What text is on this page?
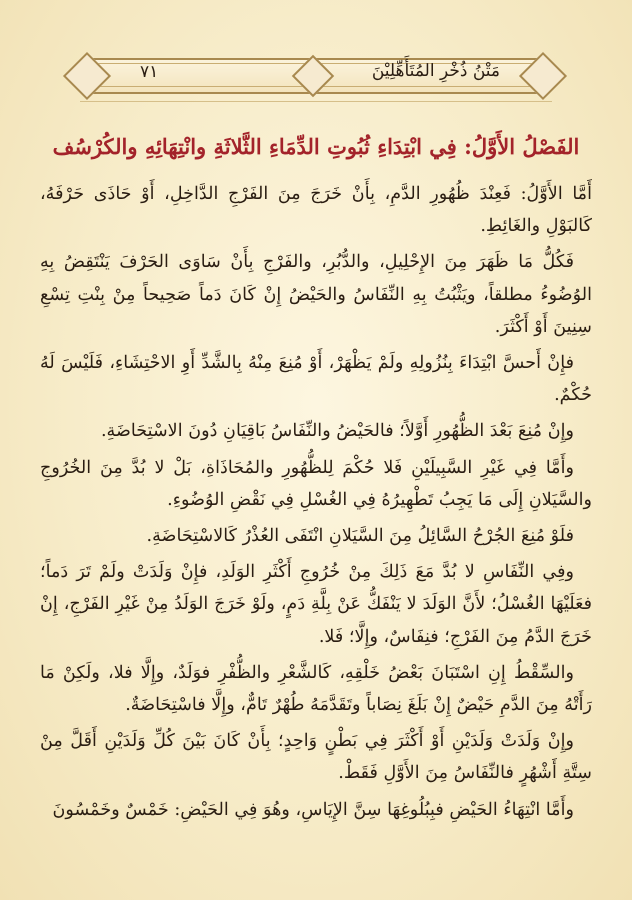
٧١	مَتْنُ ذُخْرِ المُتَأَهِّلِيْنَ
الفَصْلُ الأَوَّلُ: فِي ابْتِدَاءِ ثُبُوتِ الدِّمَاءِ الثَّلاثَةِ وانْتِهَائِهِ والكُرْسُف

أَمَّا الأَوَّلُ: فَعِنْدَ ظُهُورِ الدَّمِ، بِأَنْ خَرَجَ مِنَ الفَرْجِ الدَّاخِلِ، أَوْ حَاذَى حَرْفَهُ، كَالبَوْلِ والغَائِطِ.

فَكُلُّ مَا ظَهَرَ مِنَ الإِحْلِيلِ، والدُّبُرِ، والفَرْجِ بِأَنْ سَاوَى الحَرْفَ يَنْتَقِضُ بِهِ الوُضُوءُ مطلقاً، ويَثْبُتُ بِهِ النِّفَاسُ والحَيْضُ إِنْ كَانَ دَماً صَحِيحاً مِنْ بِنْتِ تِسْعِ سِنِينَ أَوْ أَكْثَرَ.

فإِنْ أَحسَّ ابْتِدَاءَ بِنُزُولِهِ ولَمْ يَظْهَرْ، أَوْ مُنِعَ مِنْهُ بِالشَّدِّ أَوِ الاحْتِشَاءِ، فَلَيْسَ لَهُ حُكْمٌ.

وإِنْ مُنِعَ بَعْدَ الظُّهُورِ أَوَّلاً؛ فالحَيْضُ والنِّفَاسُ بَاقِيَانِ دُونَ الاسْتِحَاضَةِ.

وأَمَّا فِي غَيْرِ السَّبِيلَيْنِ فَلا حُكْمَ لِلظُّهُورِ والمُحَاذَاةِ، بَلْ لا بُدَّ مِنَ الخُرُوجِ والسَّيَلانِ إِلَى مَا يَجِبُ تَطْهِيرُهُ فِي الغُسْلِ فِي نَقْضِ الوُضُوءِ.

فلَوْ مُنِعَ الجُرْحُ السَّائِلُ مِنَ السَّيَلانِ انْتَفَى العُذْرُ كَالاسْتِحَاضَةِ.

وفِي النِّفَاسِ لا بُدَّ مَعَ ذَلِكَ مِنْ خُرُوجِ أَكْثَرِ الوَلَدِ، فإِنْ وَلَدَتْ ولَمْ تَرَ دَماً؛ فعَلَيْهَا الغُسْلُ؛ لأَنَّ الوَلَدَ لا يَنْفَكُّ عَنْ بِلَّةِ دَمٍ، ولَوْ خَرَجَ الوَلَدُ مِنْ غَيْرِ الفَرْجِ، إِنْ خَرَجَ الدَّمُ مِنَ الفَرْجِ؛ فنِفَاسٌ، وإِلَّا؛ فَلا.

والسِّقْطُ إِنِ اسْتَبَانَ بَعْضُ خَلْقِهِ، كَالشَّعْرِ والظُّفْرِ فوَلَدٌ، وإِلَّا فلا، ولَكِنْ مَا رَأَتْهُ مِنَ الدَّمِ حَيْضٌ إِنْ بَلَغَ نِصَاباً وتَقَدَّمَهُ طُهْرٌ تَامٌّ، وإِلَّا فاسْتِحَاضَةٌ.

وإِنْ وَلَدَتْ وَلَدَيْنِ أَوْ أَكْثَرَ فِي بَطْنٍ وَاحِدٍ؛ بِأَنْ كَانَ بَيْنَ كُلِّ وَلَدَيْنِ أَقَلَّ مِنْ سِتَّةِ أَشْهُرٍ فالنِّفَاسُ مِنَ الأَوَّلِ فَقَطْ.

وأَمَّا انْتِهَاءُ الحَيْضِ فبِبُلُوغِهَا سِنَّ الإِيَاسِ، وهُوَ فِي الحَيْضِ: خَمْسٌ وخَمْسُونَ
